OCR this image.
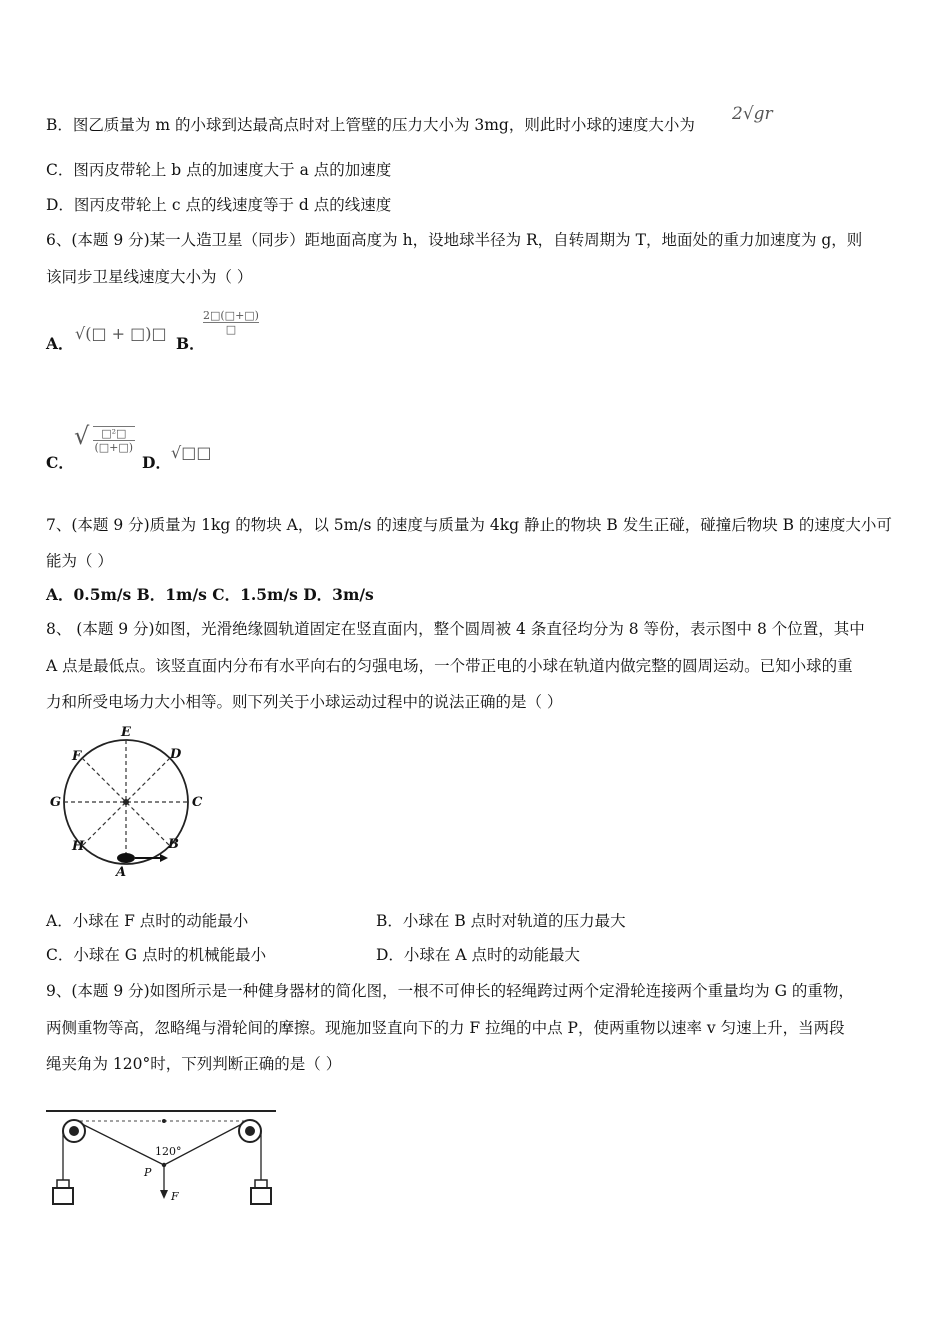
B．图乙质量为 m 的小球到达最高点时对上管壁的压力大小为 3mg，则此时小球的速度大小为
2√gr
C．图丙皮带轮上 b 点的加速度大于 a 点的加速度
D．图丙皮带轮上 c 点的线速度等于 d 点的线速度
6、(本题 9 分)某一人造卫星（同步）距地面高度为 h，设地球半径为 R，自转周期为 T，地面处的重力加速度为 g，则
该同步卫星线速度大小为（ ）
A．
√(□ + □)□
B．
2□(□+□)
□
C．
√	□²□
(□+□)
D．
√□□
7、(本题 9 分)质量为 1kg 的物块 A，以 5m/s 的速度与质量为 4kg 静止的物块 B 发生正碰，碰撞后物块 B 的速度大小可
能为（ ）
A．0.5m/s B．1m/s C．1.5m/s D．3m/s
8、 (本题 9 分)如图，光滑绝缘圆轨道固定在竖直面内，整个圆周被 4 条直径均分为 8 等份，表示图中 8 个位置，其中
A 点是最低点。该竖直面内分布有水平向右的匀强电场，一个带正电的小球在轨道内做完整的圆周运动。已知小球的重
力和所受电场力大小相等。则下列关于小球运动过程中的说法正确的是（ ）
E
D
F
G	C
H	B
A
A．小球在 F 点时的动能最小	B．小球在 B 点时对轨道的压力最大
C．小球在 G 点时的机械能最小	D．小球在 A 点时的动能最大
9、(本题 9 分)如图所示是一种健身器材的简化图，一根不可伸长的轻绳跨过两个定滑轮连接两个重量均为 G 的重物，
两侧重物等高，忽略绳与滑轮间的摩擦。现施加竖直向下的力 F 拉绳的中点 P，使两重物以速率 v 匀速上升，当两段
绳夹角为 120°时，下列判断正确的是（ ）
120°
P
F
